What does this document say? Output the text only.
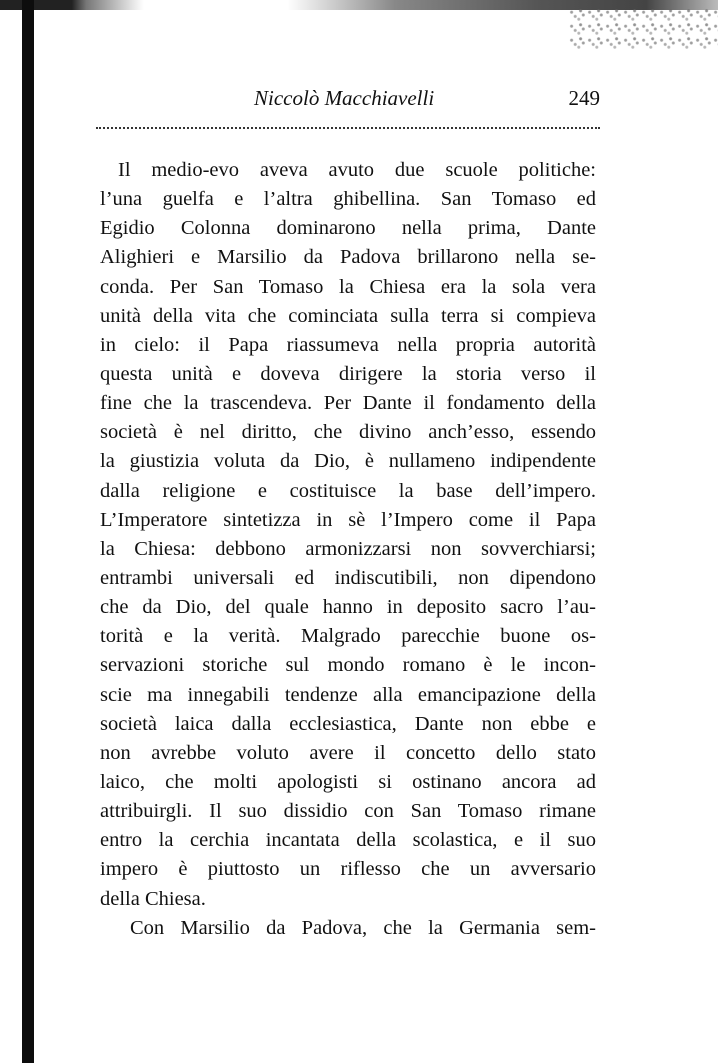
Niccolò Macchiavelli	249
Il medio-evo aveva avuto due scuole politiche:
l’una guelfa e l’altra ghibellina. San Tomaso ed
Egidio Colonna dominarono nella prima, Dante
Alighieri e Marsilio da Padova brillarono nella se-
conda. Per San Tomaso la Chiesa era la sola vera
unità della vita che cominciata sulla terra si compieva
in cielo: il Papa riassumeva nella propria autorità
questa unità e doveva dirigere la storia verso il
fine che la trascendeva. Per Dante il fondamento della
società è nel diritto, che divino anch’esso, essendo
la giustizia voluta da Dio, è nullameno indipendente
dalla religione e costituisce la base dell’impero.
L’Imperatore sintetizza in sè l’Impero come il Papa
la Chiesa: debbono armonizzarsi non sovverchiarsi;
entrambi universali ed indiscutibili, non dipendono
che da Dio, del quale hanno in deposito sacro l’au-
torità e la verità. Malgrado parecchie buone os-
servazioni storiche sul mondo romano è le incon-
scie ma innegabili tendenze alla emancipazione della
società laica dalla ecclesiastica, Dante non ebbe e
non avrebbe voluto avere il concetto dello stato
laico, che molti apologisti si ostinano ancora ad
attribuirgli. Il suo dissidio con San Tomaso rimane
entro la cerchia incantata della scolastica, e il suo
impero è piuttosto un riflesso che un avversario
della Chiesa.
Con Marsilio da Padova, che la Germania sem-
